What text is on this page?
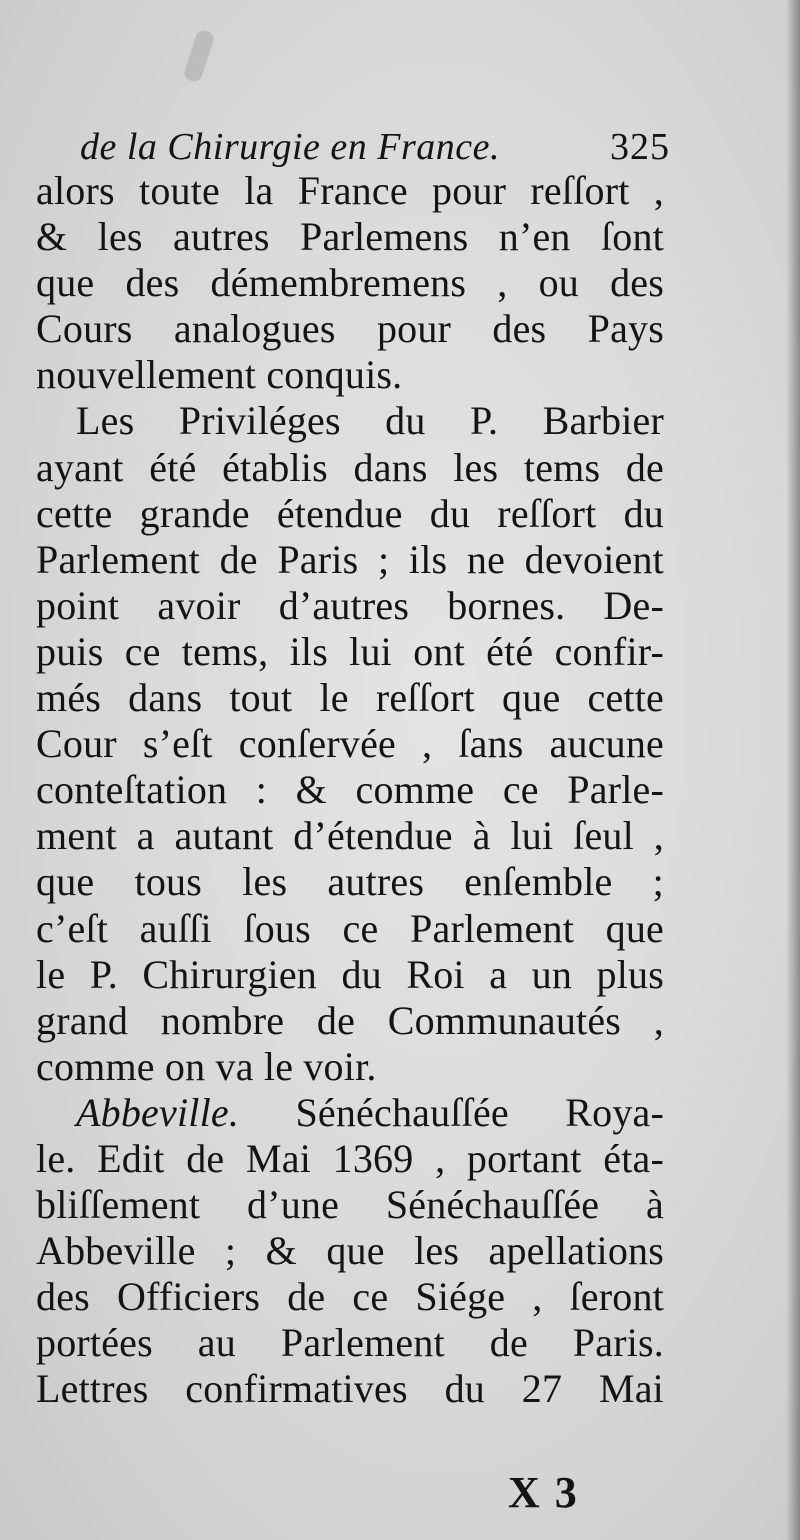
de la Chirurgie en France.	325
alors toute la France pour reſſort ,
& les autres Parlemens n’en ſont
que des démembremens , ou des
Cours analogues pour des Pays
nouvellement conquis.
Les Priviléges du P. Barbier
ayant été établis dans les tems de
cette grande étendue du reſſort du
Parlement de Paris ; ils ne devoient
point avoir d’autres bornes. De-
puis ce tems, ils lui ont été confir-
més dans tout le reſſort que cette
Cour s’eſt conſervée , ſans aucune
conteſtation : & comme ce Parle-
ment a autant d’étendue à lui ſeul ,
que tous les autres enſemble ;
c’eſt auſſi ſous ce Parlement que
le P. Chirurgien du Roi a un plus
grand nombre de Communautés ,
comme on va le voir.
Abbeville. Sénéchauſſée Roya-
le. Edit de Mai 1369 , portant éta-
bliſſement d’une Sénéchauſſée à
Abbeville ; & que les apellations
des Officiers de ce Siége , ſeront
portées au Parlement de Paris.
Lettres confirmatives du 27 Mai
X 3
